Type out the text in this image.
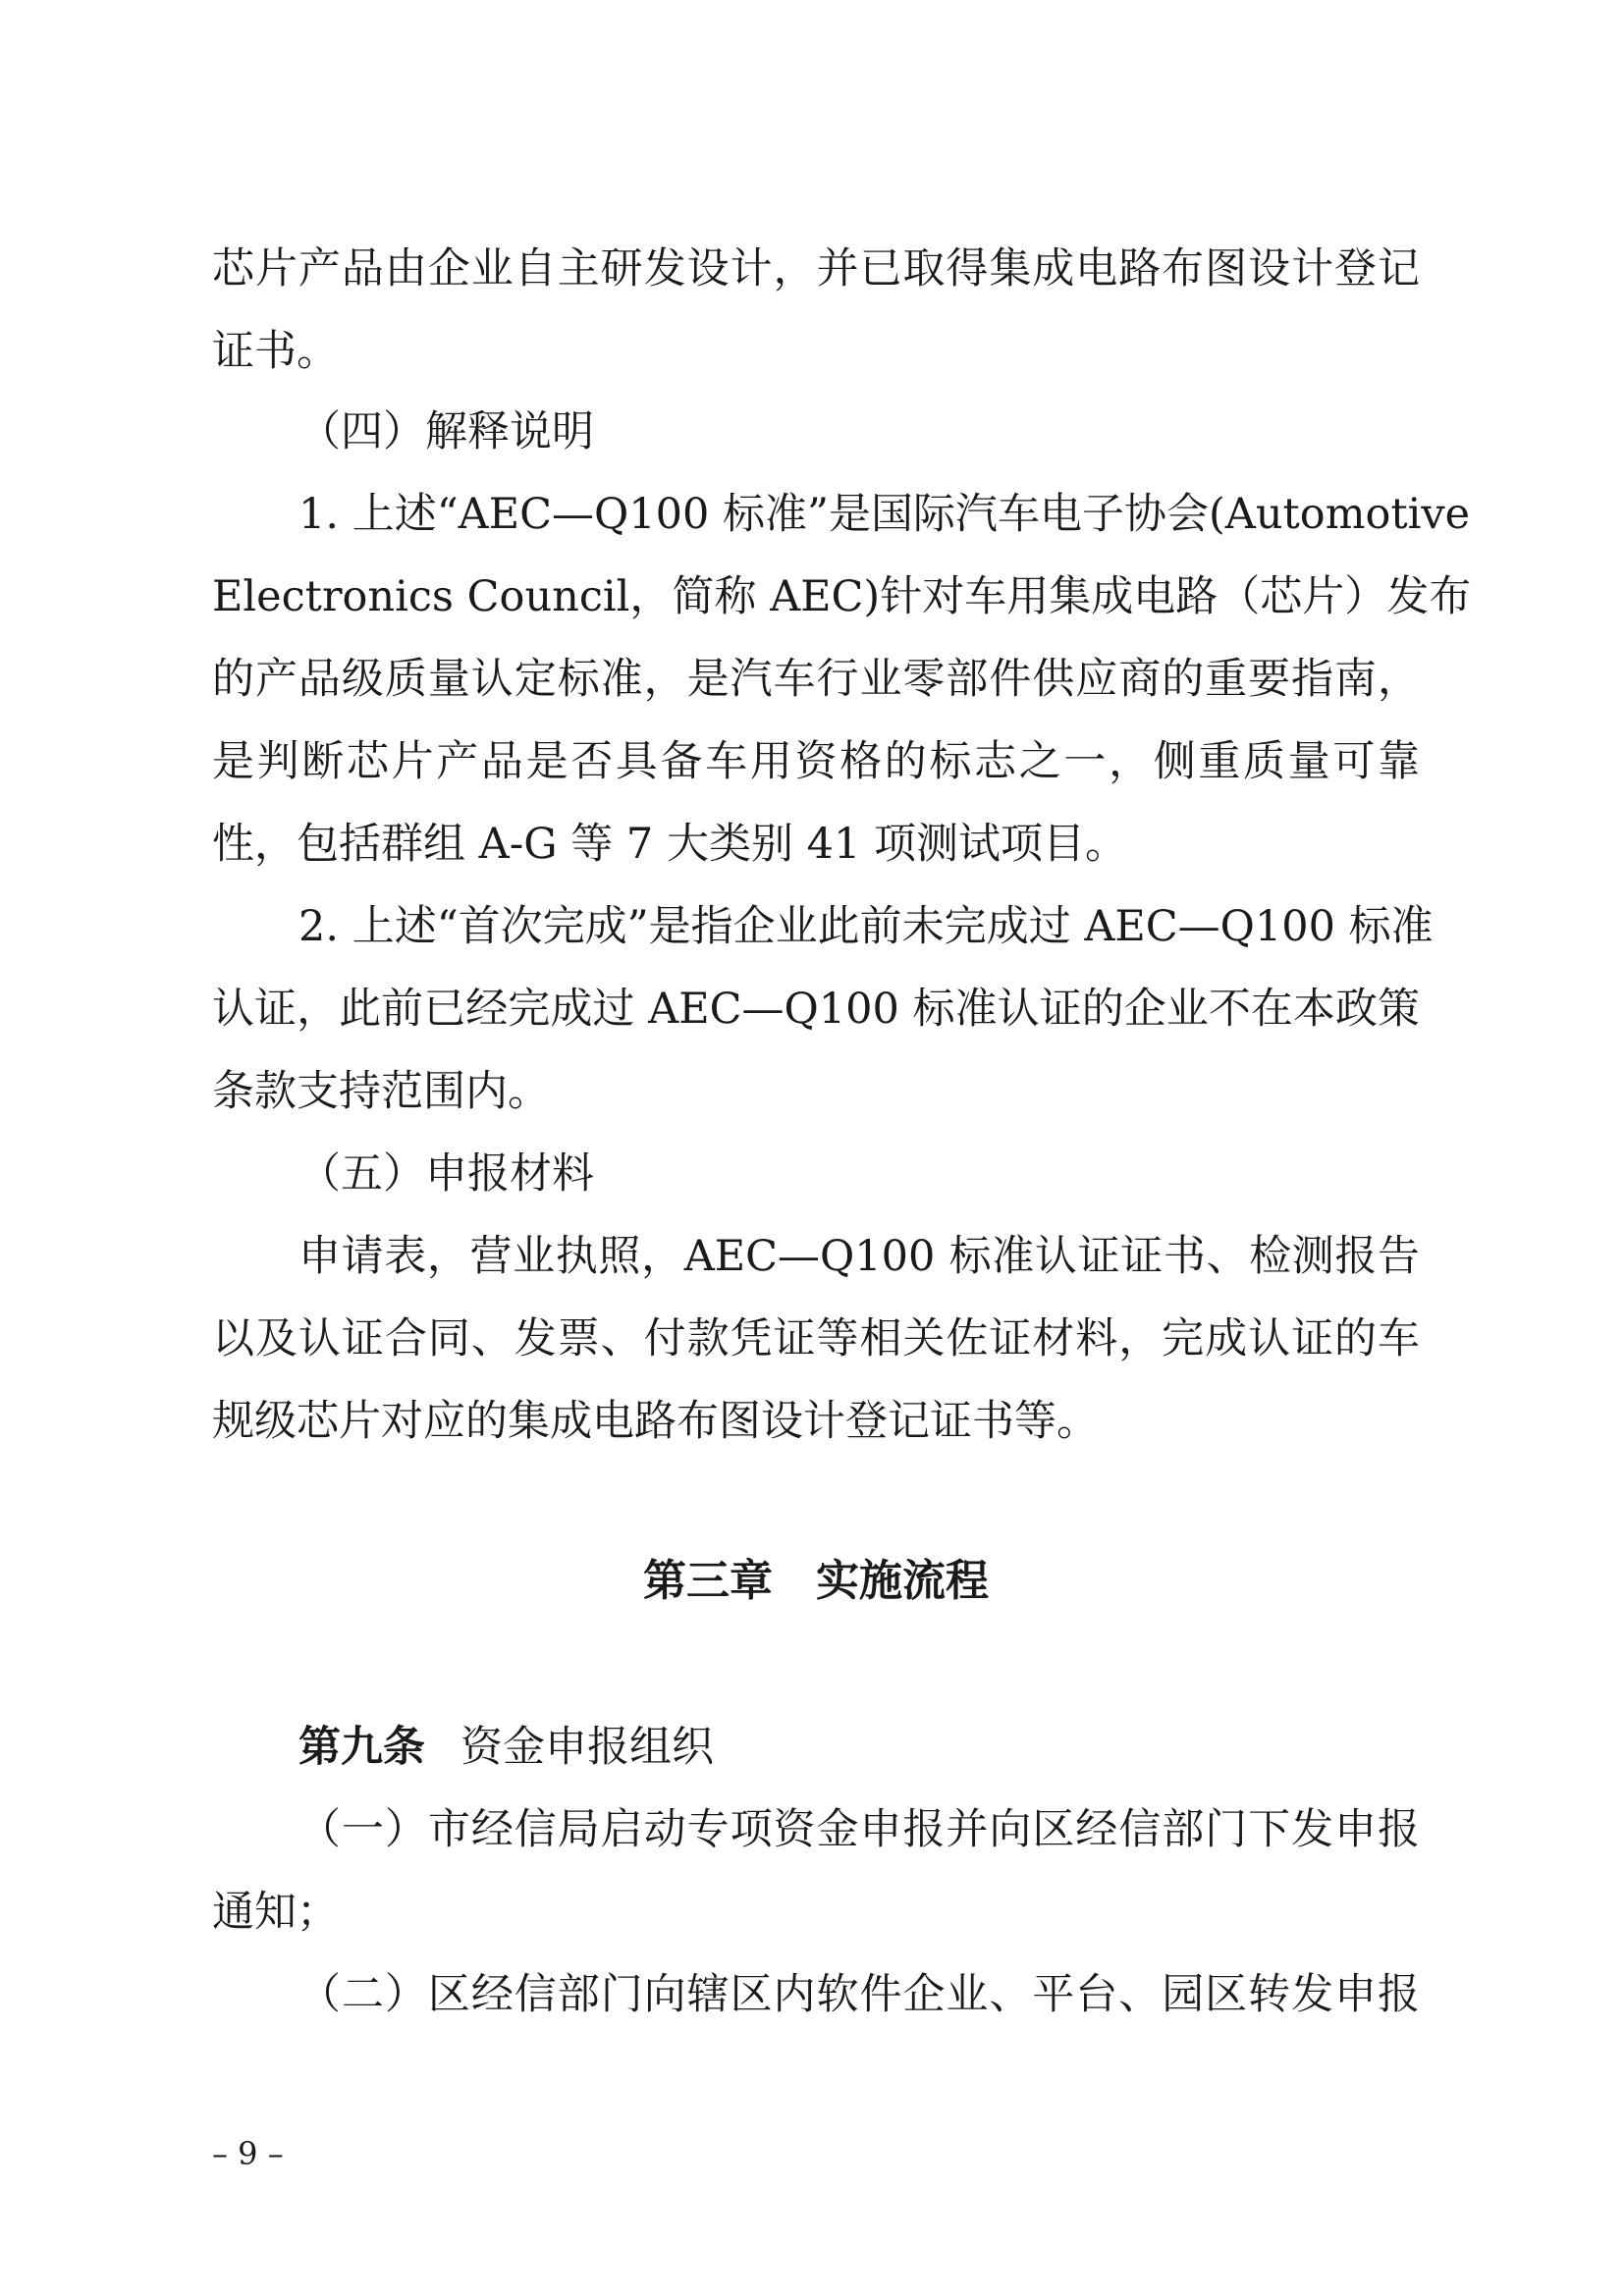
芯片产品由企业自主研发设计，并已取得集成电路布图设计登记
证书。
（四）解释说明
1. 上述“AEC—Q100 标准”是国际汽车电子协会(Automotive
Electronics Council，简称 AEC)针对车用集成电路（芯片）发布
的产品级质量认定标准，是汽车行业零部件供应商的重要指南，
是判断芯片产品是否具备车用资格的标志之一，侧重质量可靠
性，包括群组 A-G 等 7 大类别 41 项测试项目。
2. 上述“首次完成”是指企业此前未完成过 AEC—Q100 标准
认证，此前已经完成过 AEC—Q100 标准认证的企业不在本政策
条款支持范围内。
（五）申报材料
申请表，营业执照，AEC—Q100 标准认证证书、检测报告
以及认证合同、发票、付款凭证等相关佐证材料，完成认证的车
规级芯片对应的集成电路布图设计登记证书等。
第三章 实施流程
第九条 资金申报组织
（一）市经信局启动专项资金申报并向区经信部门下发申报
通知；
（二）区经信部门向辖区内软件企业、平台、园区转发申报
– 9 –
